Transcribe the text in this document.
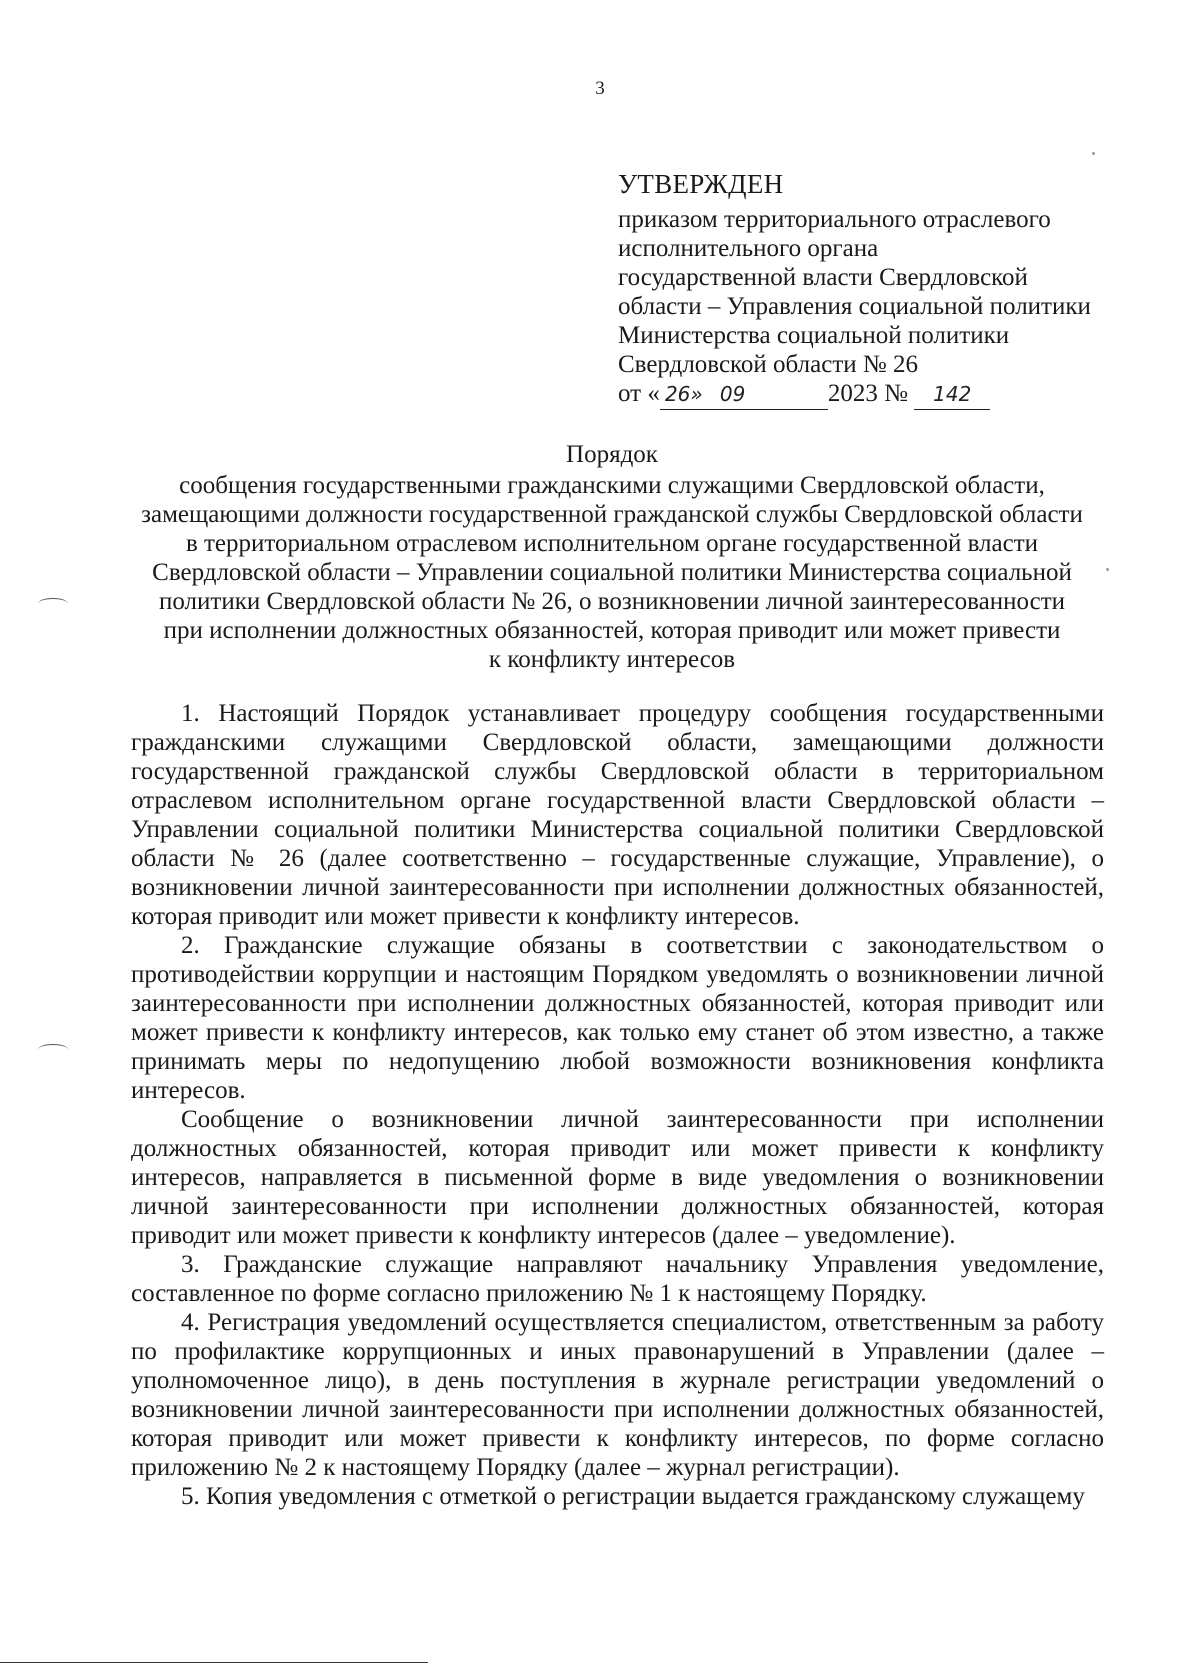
3
УТВЕРЖДЕН
приказом территориального отраслевого
исполнительного органа
государственной власти Свердловской
области – Управления социальной политики
Министерства социальной политики
Свердловской области № 26
от « 26» 09	2023 № 142
Порядок
сообщения государственными гражданскими служащими Свердловской области,
замещающими должности государственной гражданской службы Свердловской области
в территориальном отраслевом исполнительном органе государственной власти
Свердловской области – Управлении социальной политики Министерства социальной
политики Свердловской области № 26, о возникновении личной заинтересованности
при исполнении должностных обязанностей, которая приводит или может привести
к конфликту интересов

1. Настоящий Порядок устанавливает процедуру сообщения государственными гражданскими служащими Свердловской области, замещающими должности государственной гражданской службы Свердловской области в территориальном отраслевом исполнительном органе государственной власти Свердловской области – Управлении социальной политики Министерства социальной политики Свердловской области № 26 (далее соответственно – государственные служащие, Управление), о возникновении личной заинтересованности при исполнении должностных обязанностей, которая приводит или может привести к конфликту интересов.

2. Гражданские служащие обязаны в соответствии с законодательством о противодействии коррупции и настоящим Порядком уведомлять о возникновении личной заинтересованности при исполнении должностных обязанностей, которая приводит или может привести к конфликту интересов, как только ему станет об этом известно, а также принимать меры по недопущению любой возможности возникновения конфликта интересов.

Сообщение о возникновении личной заинтересованности при исполнении должностных обязанностей, которая приводит или может привести к конфликту интересов, направляется в письменной форме в виде уведомления о возникновении личной заинтересованности при исполнении должностных обязанностей, которая приводит или может привести к конфликту интересов (далее – уведомление).

3. Гражданские служащие направляют начальнику Управления уведомление, составленное по форме согласно приложению № 1 к настоящему Порядку.

4. Регистрация уведомлений осуществляется специалистом, ответственным за работу по профилактике коррупционных и иных правонарушений в Управлении (далее – уполномоченное лицо), в день поступления в журнале регистрации уведомлений о возникновении личной заинтересованности при исполнении должностных обязанностей, которая приводит или может привести к конфликту интересов, по форме согласно приложению № 2 к настоящему Порядку (далее – журнал регистрации).

5. Копия уведомления с отметкой о регистрации выдается гражданскому служащему
